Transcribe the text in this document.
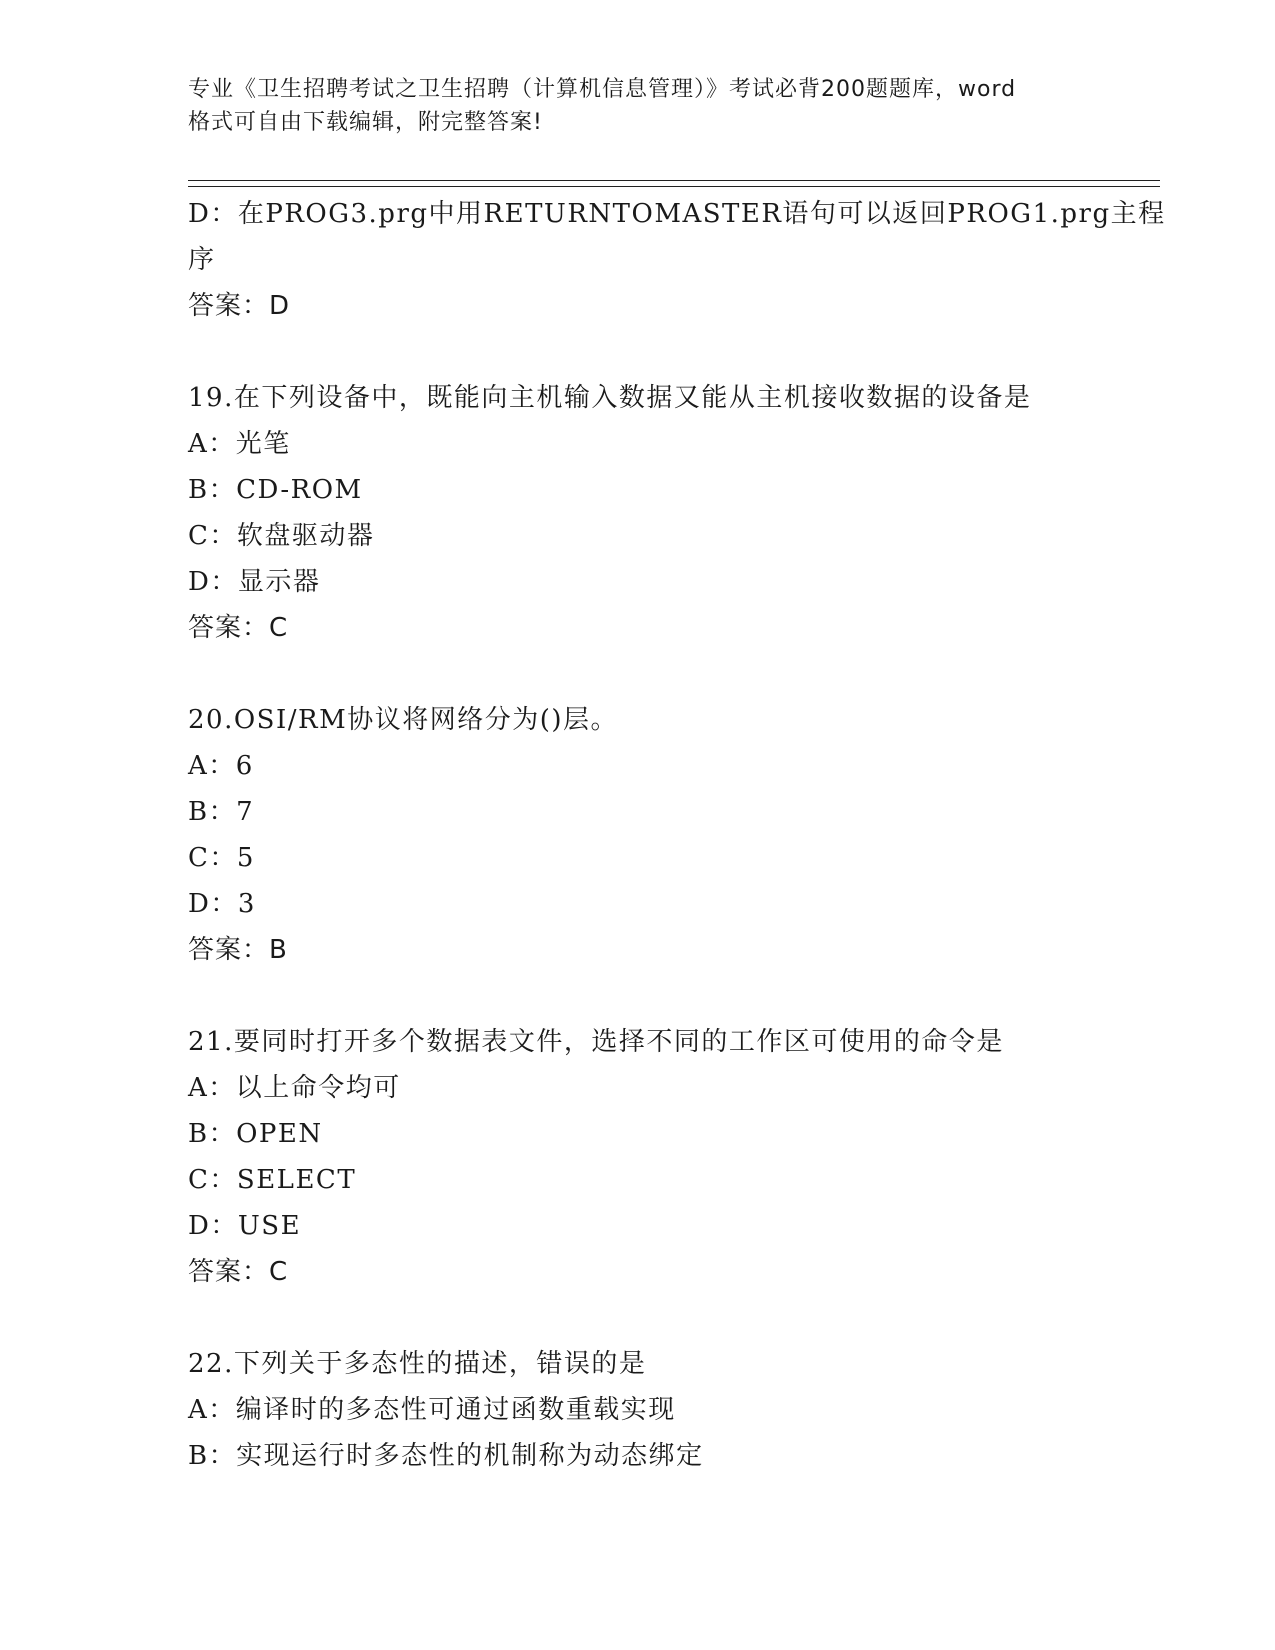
专业《卫生招聘考试之卫生招聘（计算机信息管理）》考试必背200题题库，word
格式可自由下载编辑，附完整答案!
D：在PROG3.prg中用RETURNTOMASTER语句可以返回PROG1.prg主程
序
答案：D
19.在下列设备中，既能向主机输入数据又能从主机接收数据的设备是
A：光笔
B：CD-ROM
C：软盘驱动器
D：显示器
答案：C
20.OSI/RM协议将网络分为()层。
A：6
B：7
C：5
D：3
答案：B
21.要同时打开多个数据表文件，选择不同的工作区可使用的命令是
A：以上命令均可
B：OPEN
C：SELECT
D：USE
答案：C
22.下列关于多态性的描述，错误的是
A：编译时的多态性可通过函数重载实现
B：实现运行时多态性的机制称为动态绑定
